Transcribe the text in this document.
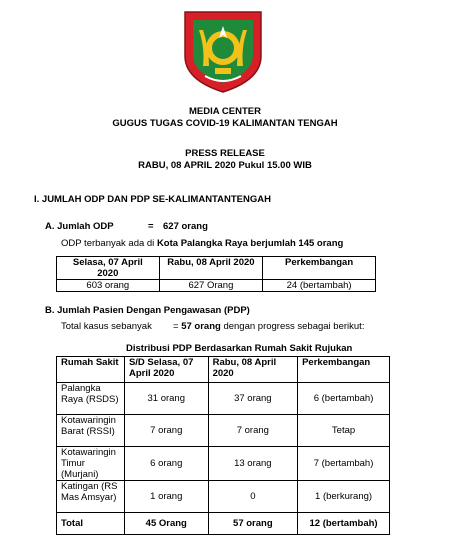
MEDIA CENTER
GUGUS TUGAS COVID-19 KALIMANTAN TENGAH
PRESS RELEASE
RABU, 08 APRIL 2020 Pukul 15.00 WIB
I. JUMLAH ODP DAN PDP SE-KALIMANTANTENGAH
A. Jumlah ODP	= 627 orang
ODP terbanyak ada di Kota Palangka Raya berjumlah 145 orang
Selasa, 07 April 2020	Rabu, 08 April 2020	Perkembangan
603 orang	627 Orang	24 (bertambah)
B. Jumlah Pasien Dengan Pengawasan (PDP)
Total kasus sebanyak = 57 orang dengan progress sebagai berikut:
Distribusi PDP Berdasarkan Rumah Sakit Rujukan
Rumah Sakit	S/D Selasa, 07 April 2020	Rabu, 08 April 2020	Perkembangan
Palangka Raya (RSDS)	31 orang	37 orang	6 (bertambah)
Kotawaringin Barat (RSSI)	7 orang	7 orang	Tetap
Kotawaringin Timur (Murjani)	6 orang	13 orang	7 (bertambah)
Katingan (RS Mas Amsyar)	1 orang	0	1 (berkurang)
Total	45 Orang	57 orang	12 (bertambah)
